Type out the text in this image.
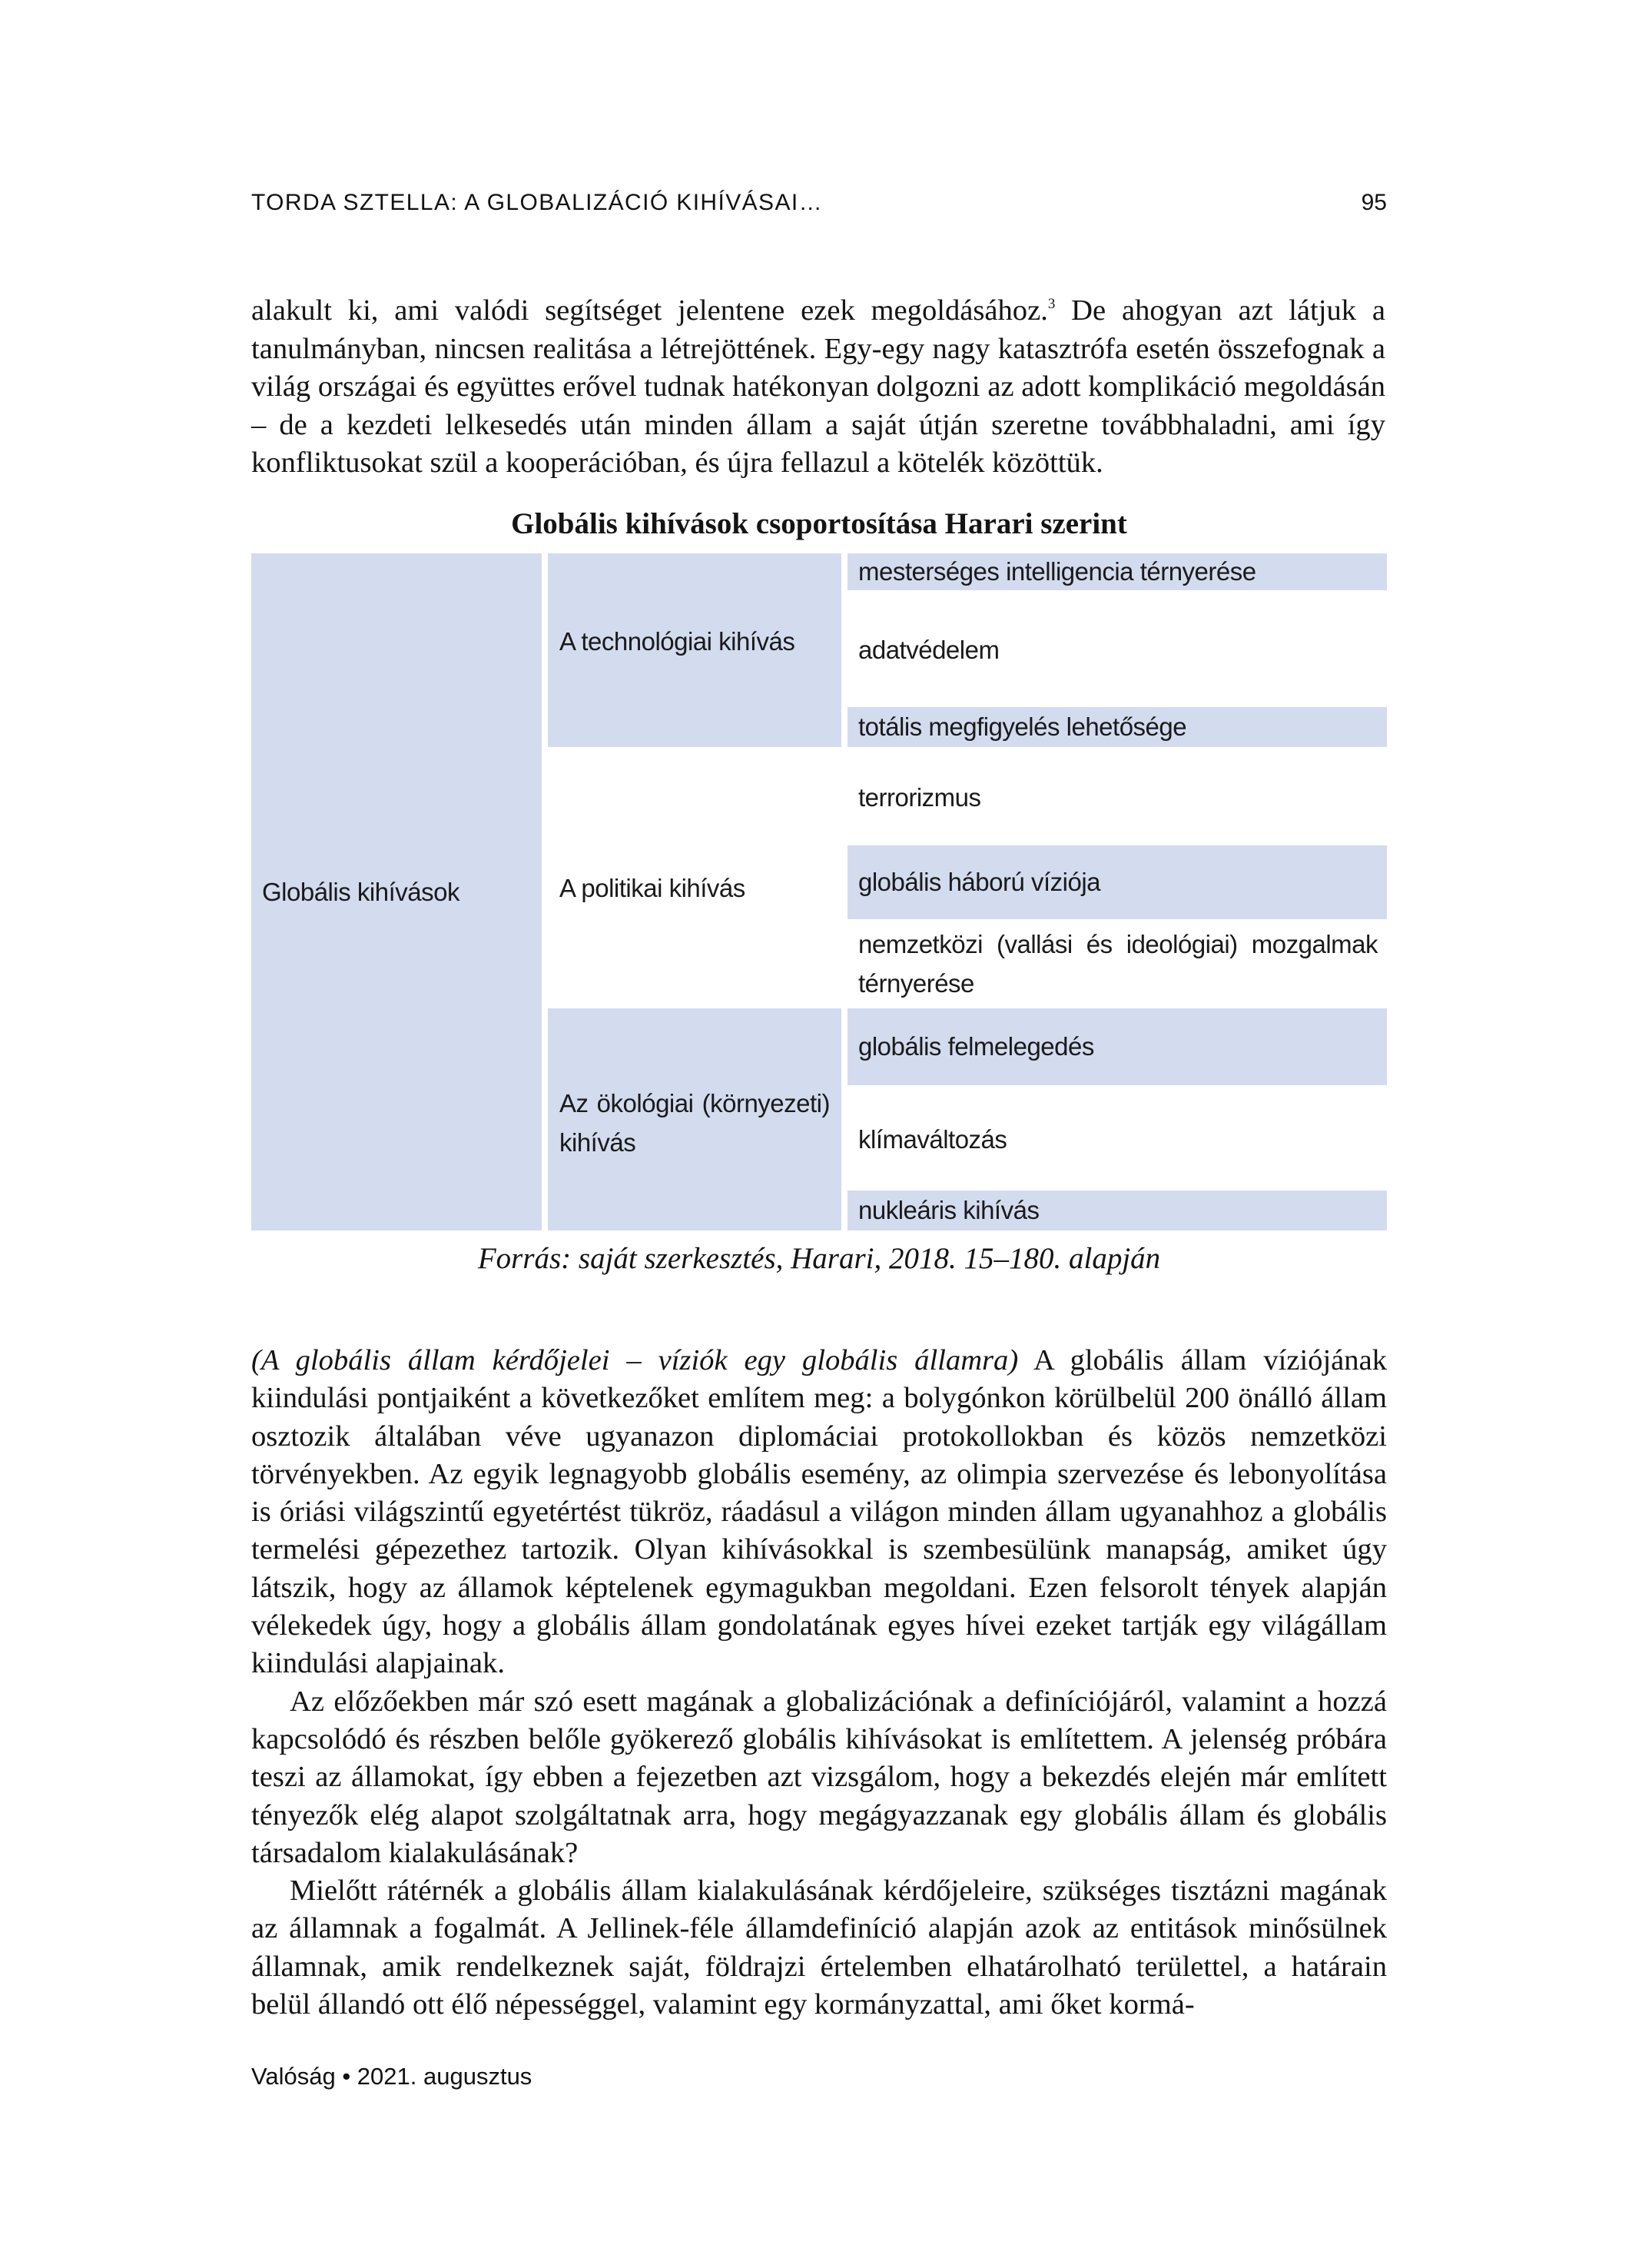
TORDA SZTELLA: A GLOBALIZÁCIÓ KIHÍVÁSAI…	95

alakult ki, ami valódi segítséget jelentene ezek megoldásához.$^3$ De ahogyan azt látjuk a tanulmányban, nincsen realitása a létrejöttének. Egy-egy nagy katasztrófa esetén összefognak a világ országai és együttes erővel tudnak hatékonyan dolgozni az adott komplikáció megoldásán – de a kezdeti lelkesedés után minden állam a saját útján szeretne továbbhaladni, ami így konfliktusokat szül a kooperációban, és újra fellazul a kötelék közöttük.

Globális kihívások csoportosítása Harari szerint
Globális kihívások
A technológiai kihívás
A politikai kihívás
Az ökológiai (környezeti) kihívás
mesterséges intelligencia térnyerése
adatvédelem
totális megfigyelés lehetősége
terrorizmus
globális háború víziója
nemzetközi (vallási és ideológiai) mozgalmak térnyerése
globális felmelegedés
klímaváltozás
nukleáris kihívás
Forrás: saját szerkesztés, Harari, 2018. 15–180. alapján

(A globális állam kérdőjelei – víziók egy globális államra) A globális állam víziójának kiindulási pontjaiként a következőket említem meg: a bolygónkon körülbelül 200 önálló állam osztozik általában véve ugyanazon diplomáciai protokollokban és közös nemzetközi törvényekben. Az egyik legnagyobb globális esemény, az olimpia szervezése és lebonyolítása is óriási világszintű egyetértést tükröz, ráadásul a világon minden állam ugyanahhoz a globális termelési gépezethez tartozik. Olyan kihívásokkal is szembesülünk manapság, amiket úgy látszik, hogy az államok képtelenek egymagukban megoldani. Ezen felsorolt tények alapján vélekedek úgy, hogy a globális állam gondolatának egyes hívei ezeket tartják egy világállam kiindulási alapjainak.

Az előzőekben már szó esett magának a globalizációnak a definíciójáról, valamint a hozzá kapcsolódó és részben belőle gyökerező globális kihívásokat is említettem. A jelenség próbára teszi az államokat, így ebben a fejezetben azt vizsgálom, hogy a bekezdés elején már említett tényezők elég alapot szolgáltatnak arra, hogy megágyazzanak egy globális állam és globális társadalom kialakulásának?

Mielőtt rátérnék a globális állam kialakulásának kérdőjeleire, szükséges tisztázni magának az államnak a fogalmát. A Jellinek-féle államdefiníció alapján azok az entitások minősülnek államnak, amik rendelkeznek saját, földrajzi értelemben elhatárolható területtel, a határain belül állandó ott élő népességgel, valamint egy kormányzattal, ami őket kormá-

Valóság • 2021. augusztus
